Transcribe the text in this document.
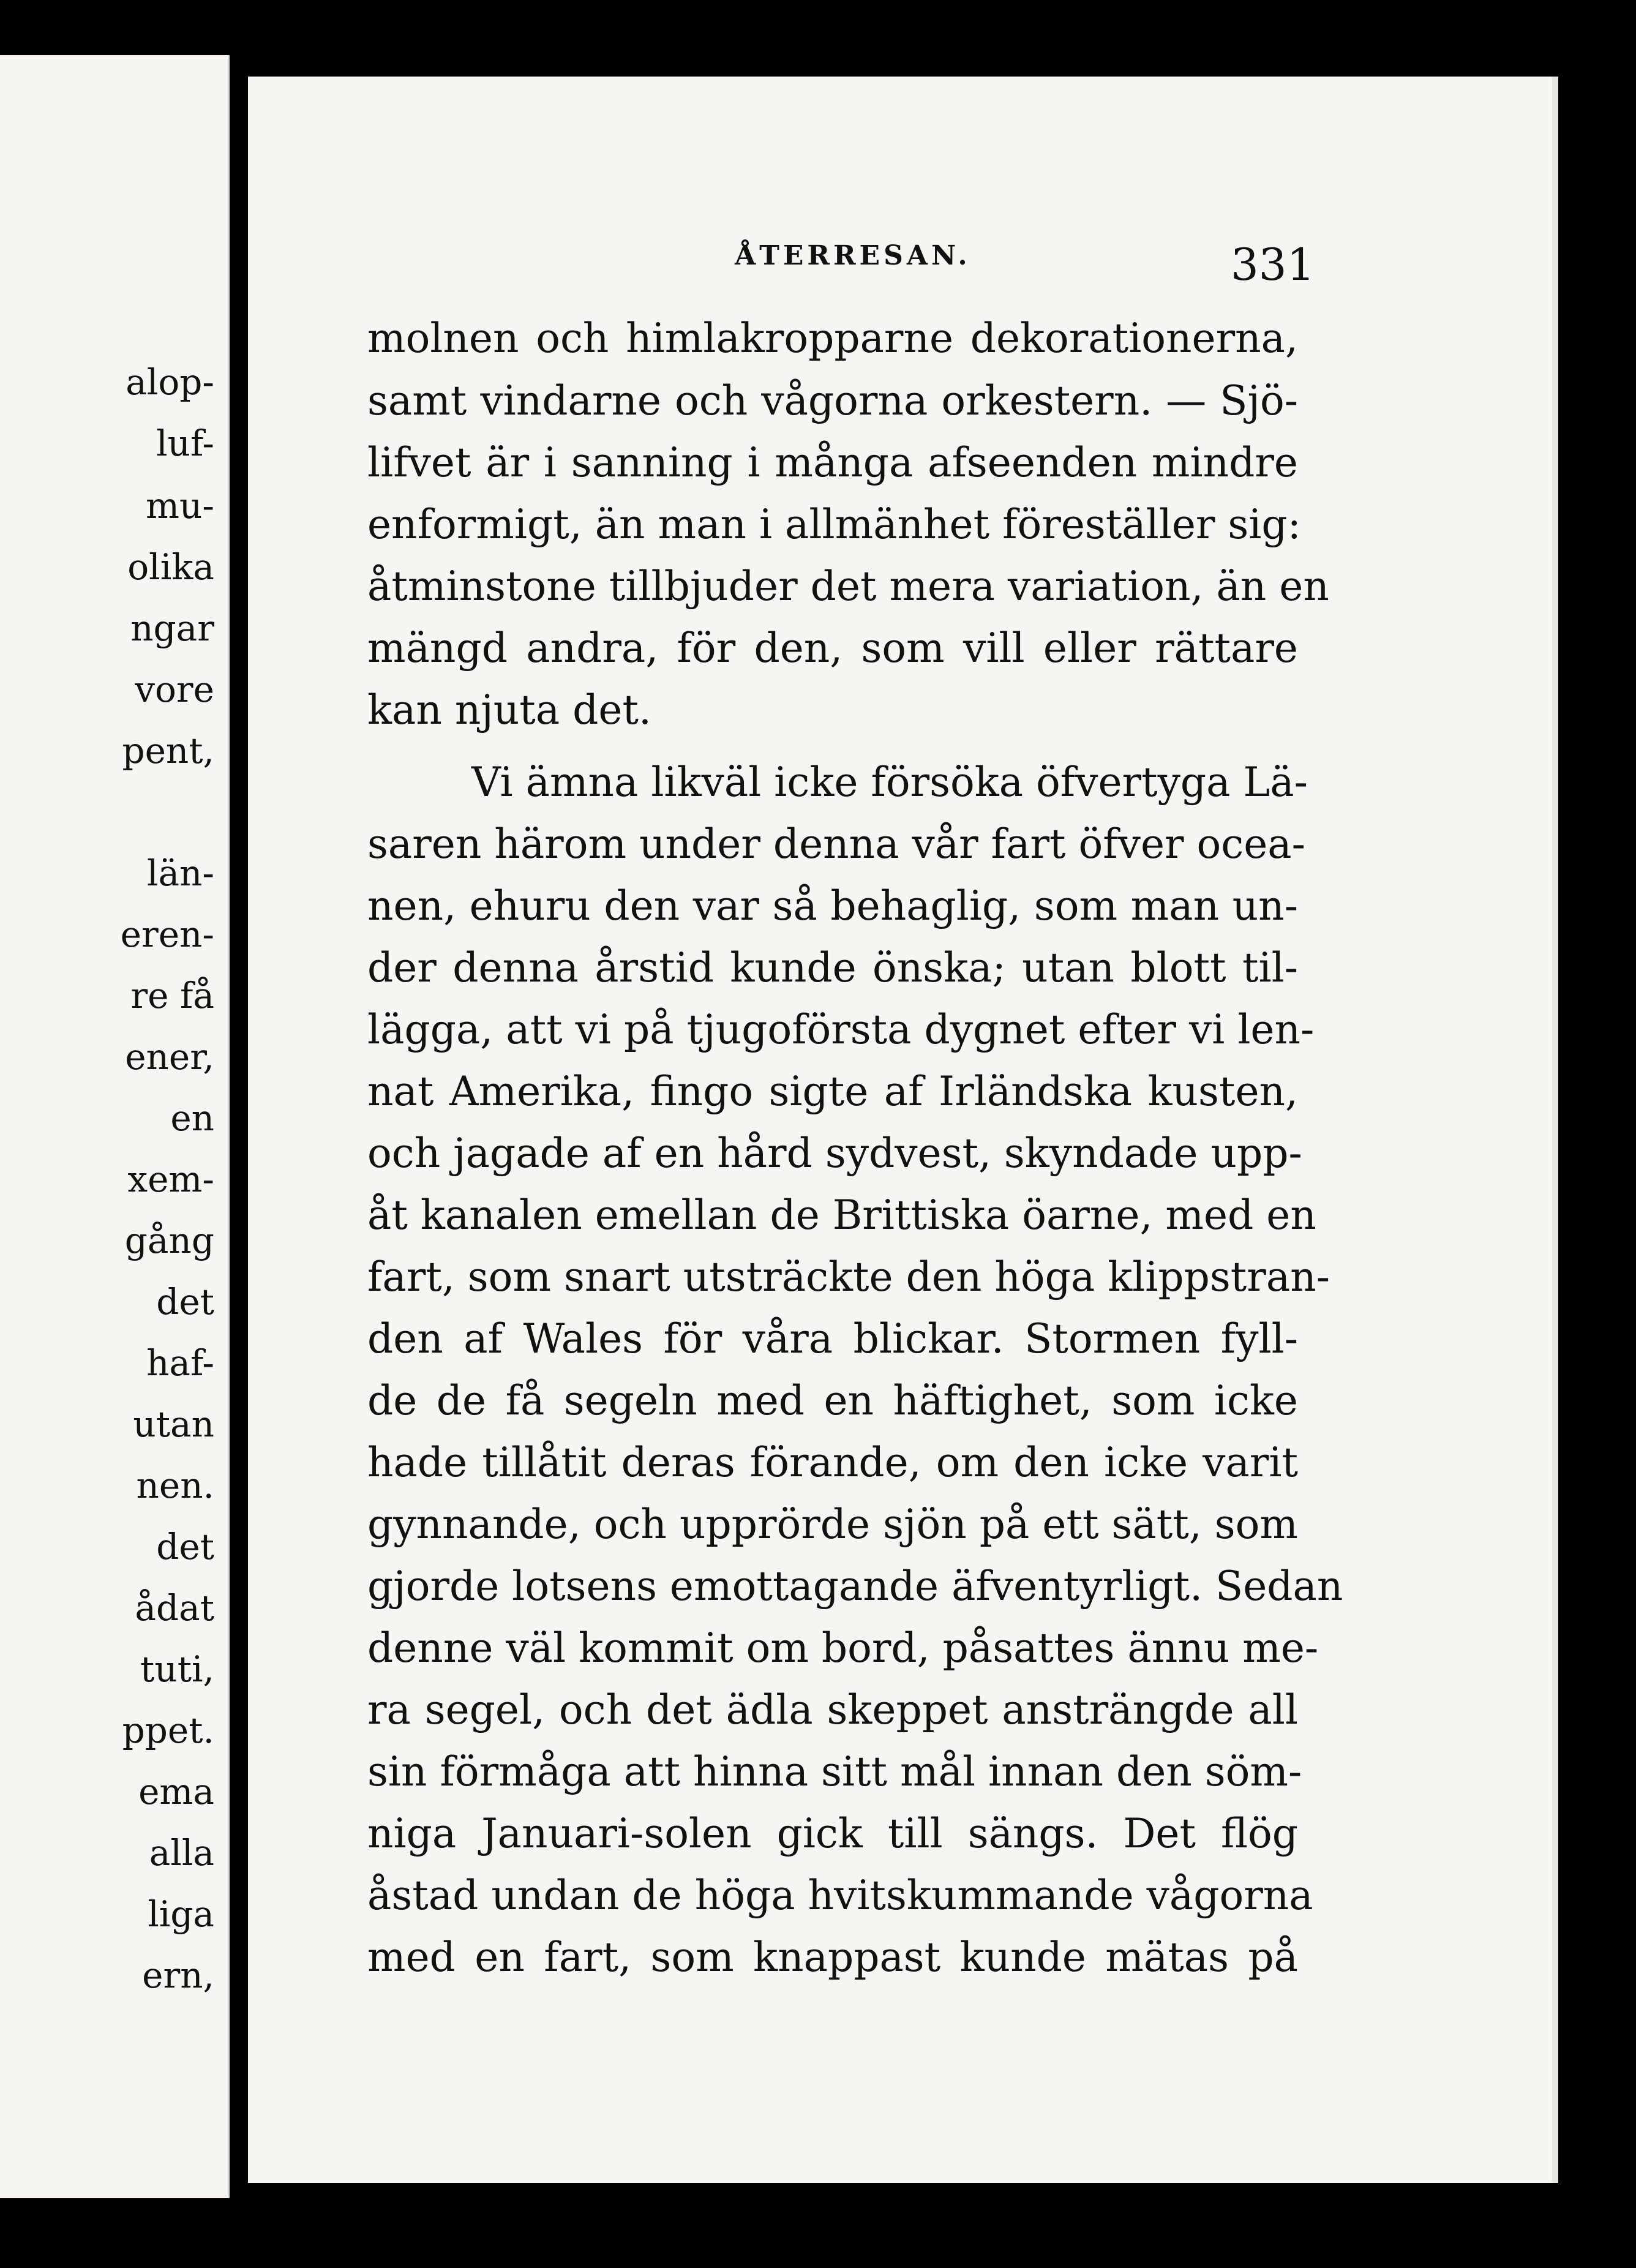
alop-
luf-
mu-
olika
ngar
vore
pent,
län-
eren-
re få
ener,
en
xem-
gång
det
haf-
utan
nen.
det
ådat
tuti,
ppet.
ema
alla
liga
ern,
ÅTERRESAN.	331
molnen och himlakropparne dekorationerna,
samt vindarne och vågorna orkestern. — Sjö-
lifvet är i sanning i många afseenden mindre
enformigt, än man i allmänhet föreställer sig:
åtminstone tillbjuder det mera variation, än en
mängd andra, för den, som vill eller rättare
kan njuta det.
Vi ämna likväl icke försöka öfvertyga Lä-
saren härom under denna vår fart öfver ocea-
nen, ehuru den var så behaglig, som man un-
der denna årstid kunde önska; utan blott til-
lägga, att vi på tjugoförsta dygnet efter vi len-
nat Amerika, fingo sigte af Irländska kusten,
och jagade af en hård sydvest, skyndade upp-
åt kanalen emellan de Brittiska öarne, med en
fart, som snart utsträckte den höga klippstran-
den af Wales för våra blickar. Stormen fyll-
de de få segeln med en häftighet, som icke
hade tillåtit deras förande, om den icke varit
gynnande, och upprörde sjön på ett sätt, som
gjorde lotsens emottagande äfventyrligt. Sedan
denne väl kommit om bord, påsattes ännu me-
ra segel, och det ädla skeppet ansträngde all
sin förmåga att hinna sitt mål innan den söm-
niga Januari-solen gick till sängs. Det flög
åstad undan de höga hvitskummande vågorna
med en fart, som knappast kunde mätas på
